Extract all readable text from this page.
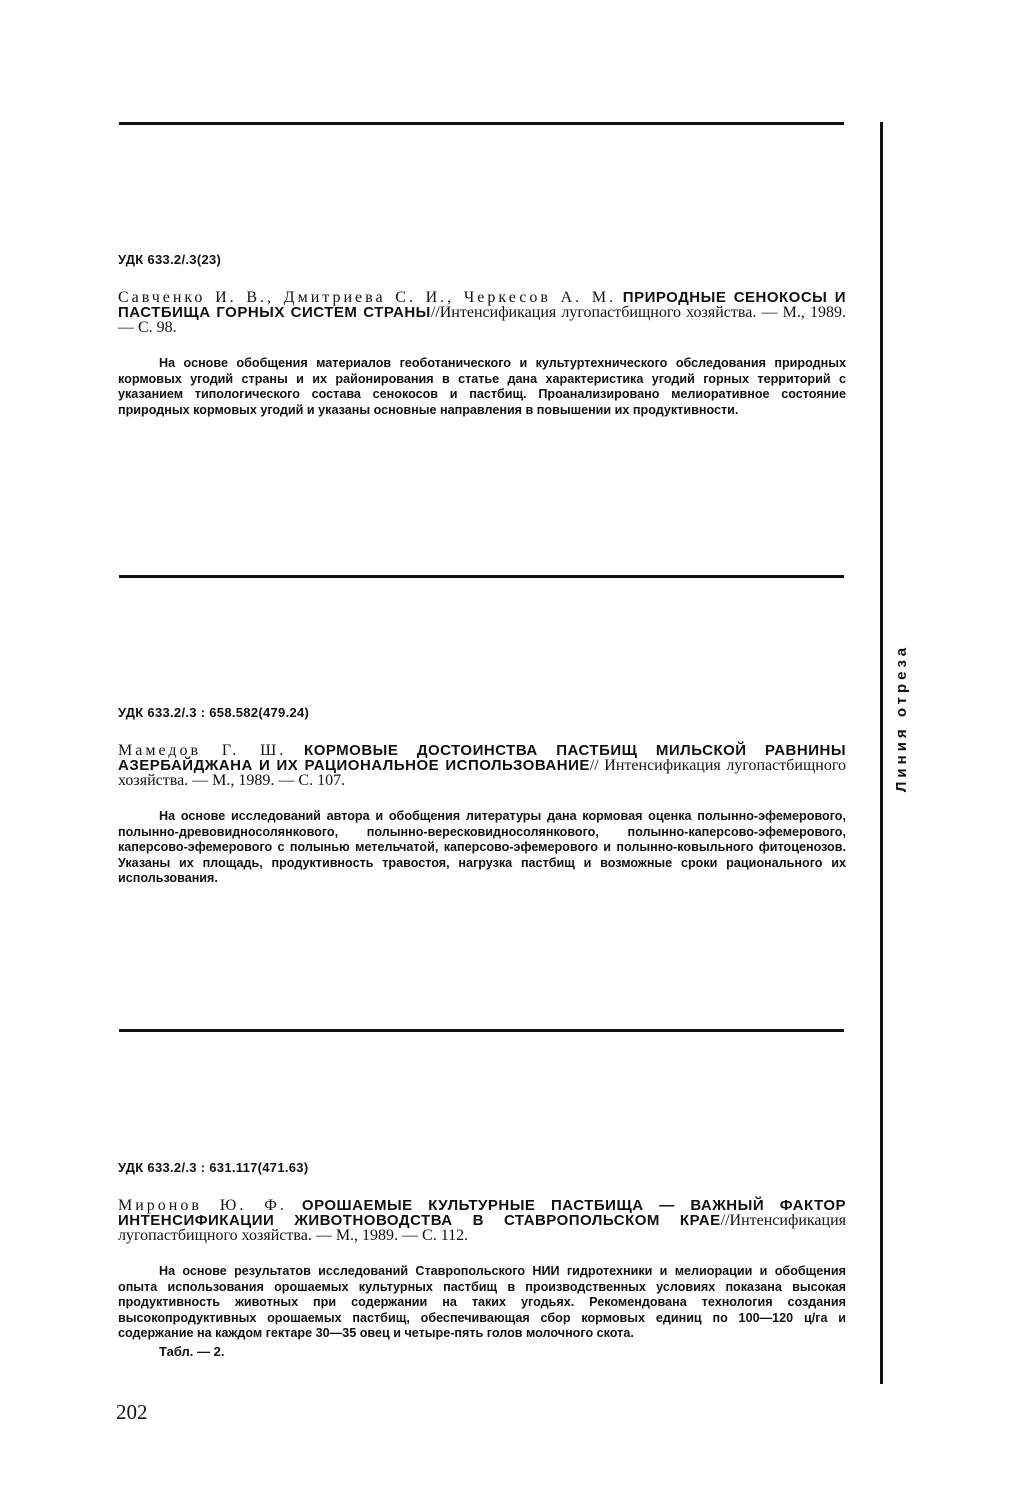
Линия отреза

УДК 633.2/.3(23)

Савченко И. В., Дмитриева С. И., Черкесов А. М. ПРИРОДНЫЕ СЕНОКОСЫ И ПАСТБИЩА ГОРНЫХ СИСТЕМ СТРАНЫ//Интенсификация лугопастбищного хозяйства. — М., 1989. — С. 98.

На основе обобщения материалов геоботанического и культуртехнического обследования природных кормовых угодий страны и их районирования в статье дана характеристика угодий горных территорий с указанием типологического состава сенокосов и пастбищ. Проанализировано мелиоративное состояние природных кормовых угодий и указаны основные направления в повышении их продуктивности.

УДК 633.2/.3 : 658.582(479.24)

Мамедов Г. Ш. КОРМОВЫЕ ДОСТОИНСТВА ПАСТБИЩ МИЛЬСКОЙ РАВНИНЫ АЗЕРБАЙДЖАНА И ИХ РАЦИОНАЛЬНОЕ ИСПОЛЬЗОВАНИЕ// Интенсификация лугопастбищного хозяйства. — М., 1989. — С. 107.

На основе исследований автора и обобщения литературы дана кормовая оценка полынно-эфемерового, полынно-древовидносолянкового, полынно-вересковидносолянкового, полынно-каперсово-эфемерового, каперсово-эфемерового с полынью метельчатой, каперсово-эфемерового и полынно-ковыльного фитоценозов. Указаны их площадь, продуктивность травостоя, нагрузка пастбищ и возможные сроки рационального их использования.

УДК 633.2/.3 : 631.117(471.63)

Миронов Ю. Ф. ОРОШАЕМЫЕ КУЛЬТУРНЫЕ ПАСТБИЩА — ВАЖНЫЙ ФАКТОР ИНТЕНСИФИКАЦИИ ЖИВОТНОВОДСТВА В СТАВРОПОЛЬСКОМ КРАЕ//Интенсификация лугопастбищного хозяйства. — М., 1989. — С. 112.

На основе результатов исследований Ставропольского НИИ гидротехники и мелиорации и обобщения опыта использования орошаемых культурных пастбищ в производственных условиях показана высокая продуктивность животных при содержании на таких угодьях. Рекомендована технология создания высокопродуктивных орошаемых пастбищ, обеспечивающая сбор кормовых единиц по 100—120 ц/га и содержание на каждом гектаре 30—35 овец и четыре-пять голов молочного скота.

Табл. — 2.

202
